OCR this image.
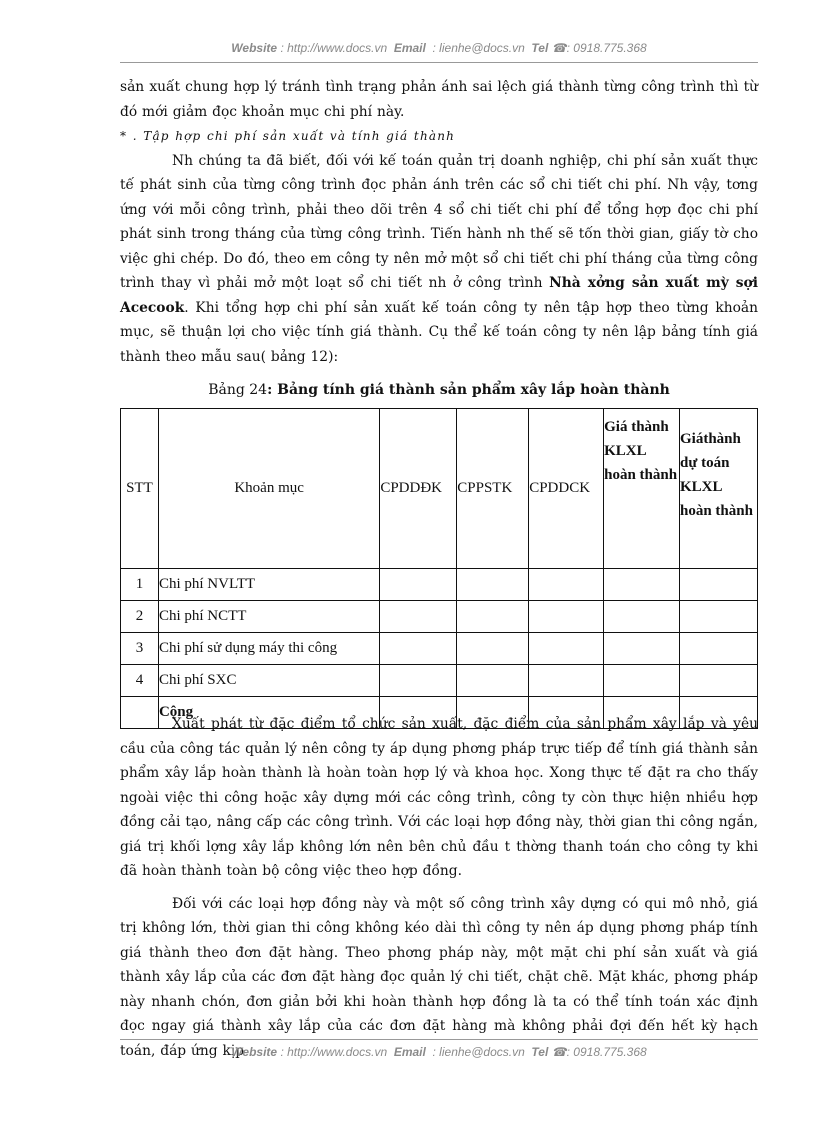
Website : http://www.docs.vn Email : lienhe@docs.vn Tel ☎: 0918.775.368

sản xuất chung hợp lý tránh tình trạng phản ánh sai lệch giá thành từng công trình thì từ đó mới giảm đọc khoản mục chi phí này.

* . Tập hợp chi phí sản xuất và tính giá thành

Nh chúng ta đã biết, đối với kế toán quản trị doanh nghiệp, chi phí sản xuất thực tế phát sinh của từng công trình đọc phản ánh trên các sổ chi tiết chi phí. Nh vậy, tơng ứng với mỗi công trình, phải theo dõi trên 4 sổ chi tiết chi phí để tổng hợp đọc chi phí phát sinh trong tháng của từng công trình. Tiến hành nh thế sẽ tốn thời gian, giấy tờ cho việc ghi chép. Do đó, theo em công ty nên mở một sổ chi tiết chi phí tháng của từng công trình thay vì phải mở một loạt sổ chi tiết nh ở công trình Nhà xởng sản xuất mỳ sợi Acecook. Khi tổng hợp chi phí sản xuất kế toán công ty nên tập hợp theo từng khoản mục, sẽ thuận lợi cho việc tính giá thành. Cụ thể kế toán công ty nên lập bảng tính giá thành theo mẫu sau( bảng 12):

Bảng 24: Bảng tính giá thành sản phẩm xây lắp hoàn thành
STT	Khoản mục	CPDDĐK	CPPSTK	CPDDCK	Giá thành KLXL hoàn thành	Giáthành dự toán KLXL hoàn thành
1	Chi phí NVLTT					
2	Chi phí NCTT					
3	Chi phí sử dụng máy thi công					
4	Chi phí SXC					
	Cộng					

Xuất phát từ đặc điểm tổ chức sản xuất, đặc điểm của sản phẩm xây lắp và yêu cầu của công tác quản lý nên công ty áp dụng phơng pháp trực tiếp để tính giá thành sản phẩm xây lắp hoàn thành là hoàn toàn hợp lý và khoa học. Xong thực tế đặt ra cho thấy ngoài việc thi công hoặc xây dựng mới các công trình, công ty còn thực hiện nhiều hợp đồng cải tạo, nâng cấp các công trình. Với các loại hợp đồng này, thời gian thi công ngắn, giá trị khối lợng xây lắp không lớn nên bên chủ đầu t thờng thanh toán cho công ty khi đã hoàn thành toàn bộ công việc theo hợp đồng.

Đối với các loại hợp đồng này và một số công trình xây dựng có qui mô nhỏ, giá trị không lớn, thời gian thi công không kéo dài thì công ty nên áp dụng phơng pháp tính giá thành theo đơn đặt hàng. Theo phơng pháp này, một mặt chi phí sản xuất và giá thành xây lắp của các đơn đặt hàng đọc quản lý chi tiết, chặt chẽ. Mặt khác, phơng pháp này nhanh chón, đơn giản bởi khi hoàn thành hợp đồng là ta có thể tính toán xác định đọc ngay giá thành xây lắp của các đơn đặt hàng mà không phải đợi đến hết kỳ hạch toán, đáp ứng kịp

Website : http://www.docs.vn Email : lienhe@docs.vn Tel ☎: 0918.775.368
